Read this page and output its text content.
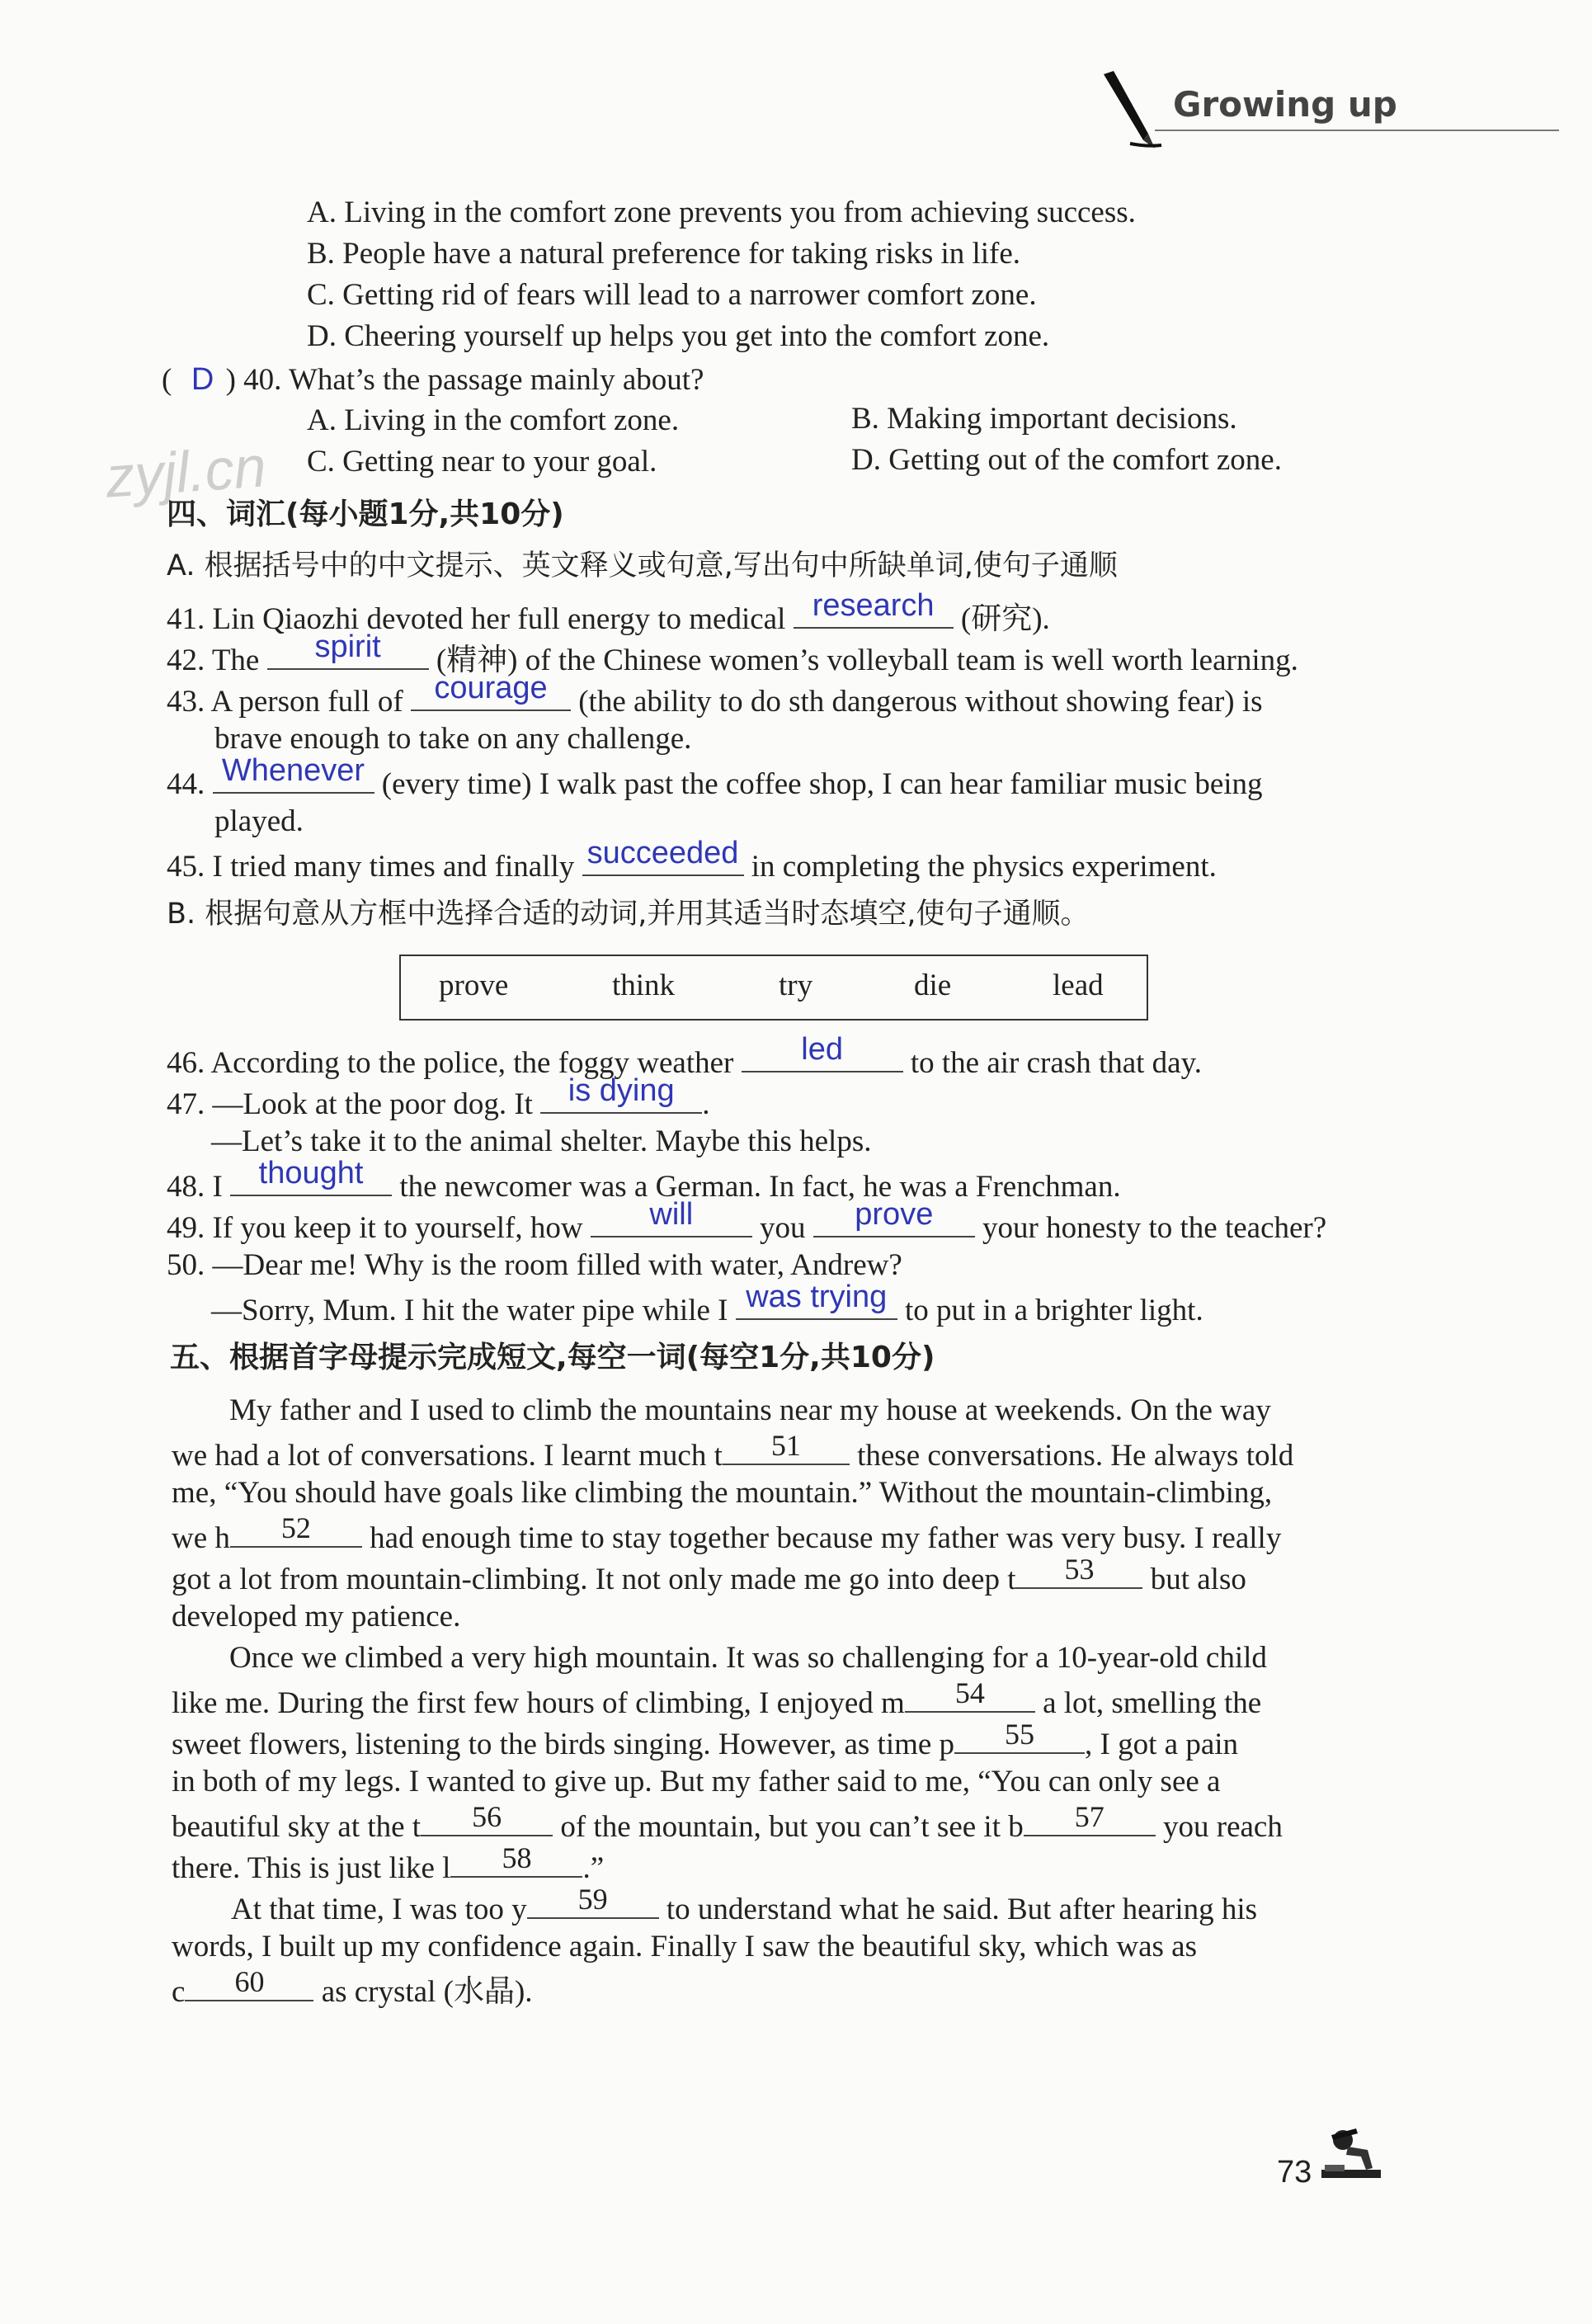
Growing up
zyjl.cn
A. Living in the comfort zone prevents you from achieving success.
B. People have a natural preference for taking risks in life.
C. Getting rid of fears will lead to a narrower comfort zone.
D. Cheering yourself up helps you get into the comfort zone.
( D ) 40. What’s the passage mainly about?
A. Living in the comfort zone.	B. Making important decisions.
C. Getting near to your goal.	D. Getting out of the comfort zone.
四、词汇(每小题1分,共10分)
A. 根据括号中的中文提示、英文释义或句意,写出句中所缺单词,使句子通顺
41. Lin Qiaozhi devoted her full energy to medical research (研究).
42. The	spirit	(精神) of the Chinese women’s volleyball team is well worth learning.
43. A person full of courage (the ability to do sth dangerous without showing fear) is
brave enough to take on any challenge.
44. Whenever (every time) I walk past the coffee shop, I can hear familiar music being
played.
45. I tried many times and finally succeeded in completing the physics experiment.
B. 根据句意从方框中选择合适的动词,并用其适当时态填空,使句子通顺。
prove	think	try	die	lead
46. According to the police, the foggy weather	led	to the air crash that day.
47. —Look at the poor dog. It is dying .
—Let’s take it to the animal shelter. Maybe this helps.
48. I thought the newcomer was a German. In fact, he was a Frenchman.
49. If you keep it to yourself, how	will	you	prove	your honesty to the teacher?
50. —Dear me! Why is the room filled with water, Andrew?
—Sorry, Mum. I hit the water pipe while I was trying to put in a brighter light.
五、根据首字母提示完成短文,每空一词(每空1分,共10分)
My father and I used to climb the mountains near my house at weekends. On the way
we had a lot of conversations. I learnt much t	51	these conversations. He always told
me, “You should have goals like climbing the mountain.” Without the mountain-climbing,
we h	52	had enough time to stay together because my father was very busy. I really
got a lot from mountain-climbing. It not only made me go into deep t	53	but also
developed my patience.
Once we climbed a very high mountain. It was so challenging for a 10-year-old child
like me. During the first few hours of climbing, I enjoyed m	54	a lot, smelling the
sweet flowers, listening to the birds singing. However, as time p	55	, I got a pain
in both of my legs. I wanted to give up. But my father said to me, “You can only see a
beautiful sky at the t	56	of the mountain, but you can’t see it b	57	you reach
there. This is just like l	58	.”
At that time, I was too y	59	to understand what he said. But after hearing his
words, I built up my confidence again. Finally I saw the beautiful sky, which was as
c	60	as crystal (水晶).
73
